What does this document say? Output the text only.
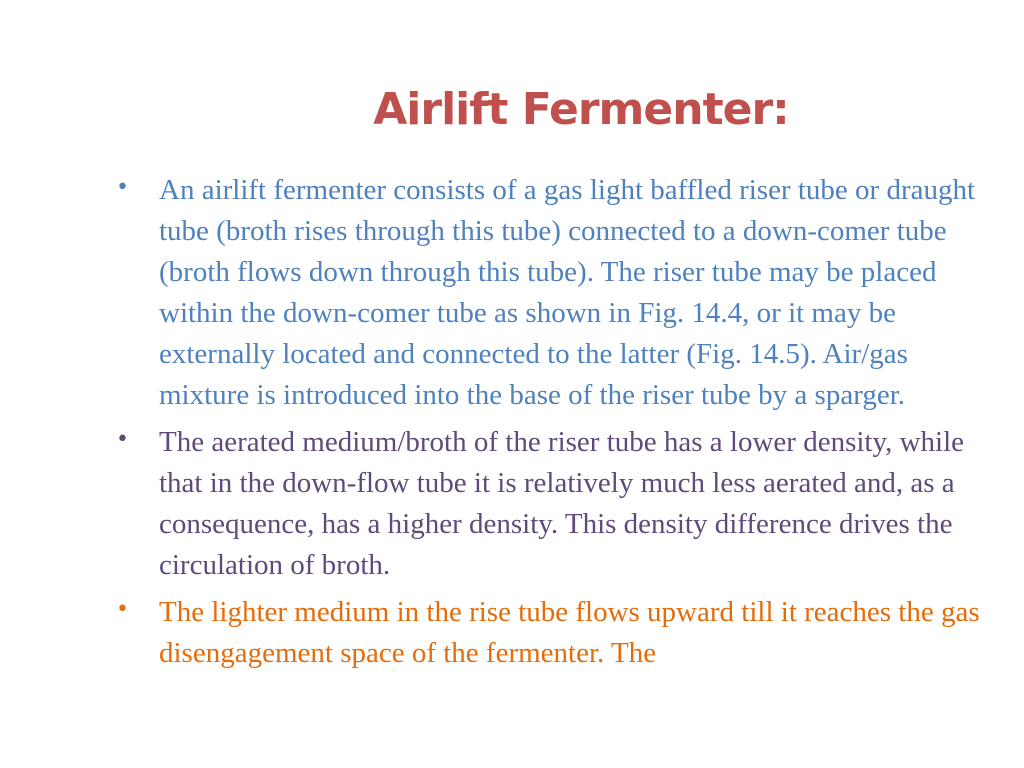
Airlift Fermenter:
• An airlift fermenter consists of a gas light baffled riser tube or draught tube (broth rises through this tube) connected to a down-comer tube (broth flows down through this tube). The riser tube may be placed within the down-comer tube as shown in Fig. 14.4, or it may be externally located and connected to the latter (Fig. 14.5). Air/gas mixture is introduced into the base of the riser tube by a sparger.
• The aerated medium/broth of the riser tube has a lower density, while that in the down-flow tube it is relatively much less aerated and, as a consequence, has a higher density. This density difference drives the circulation of broth.
• The lighter medium in the rise tube flows upward till it reaches the gas disengagement space of the fermenter. The
